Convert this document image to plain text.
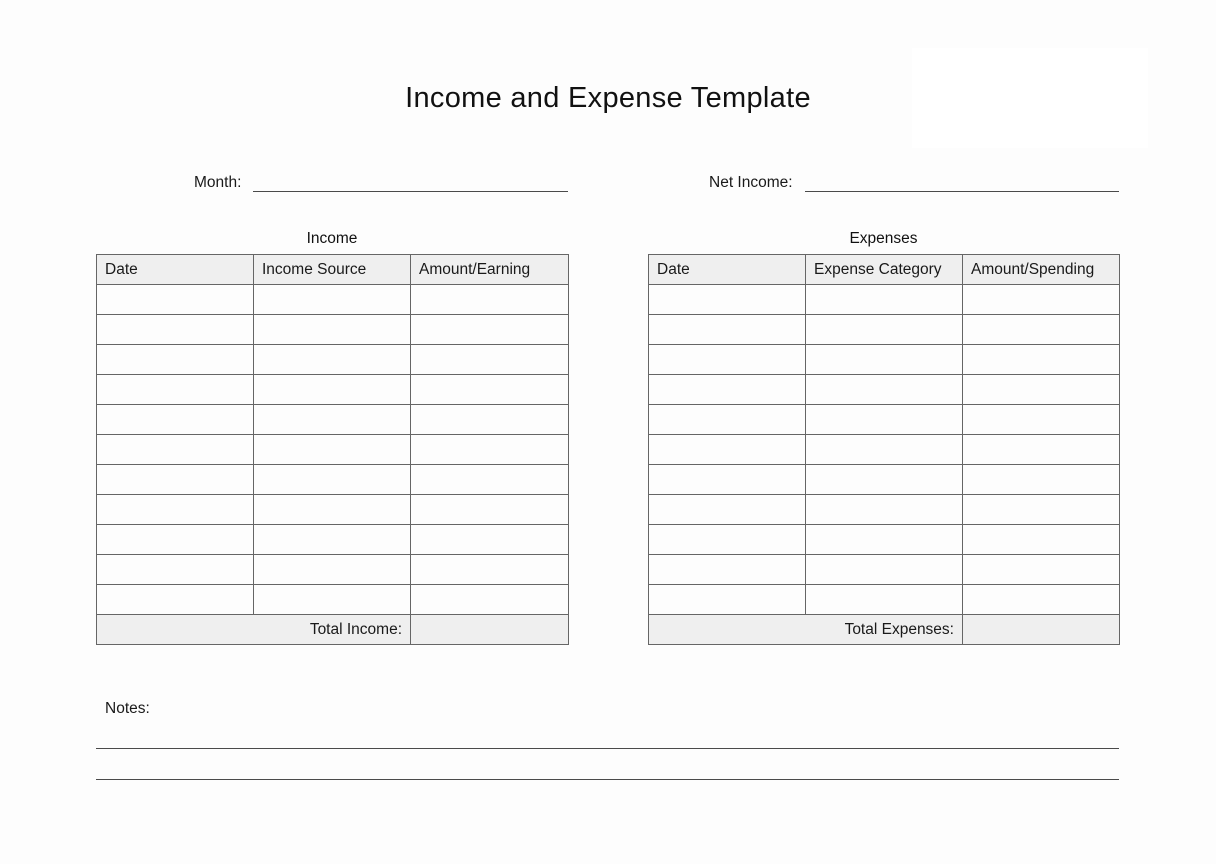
Income and Expense Template
Month:	Net Income:
Income	Expenses
Date	Income Source	Amount/Earning

Total Income:		
Date	Expense Category	Amount/Spending

Total Expenses:		
Notes:
